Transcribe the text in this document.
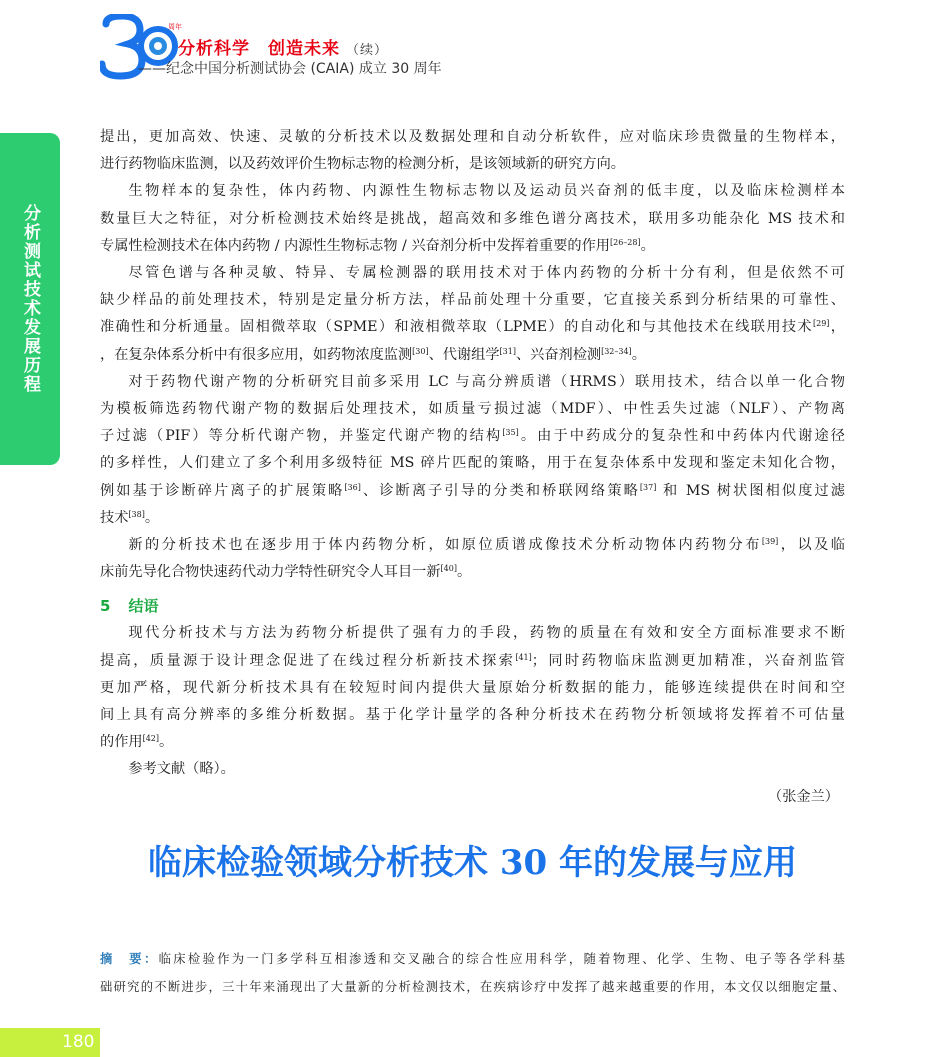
周年
分析科学 创造未来 （续）
——纪念中国分析测试协会 (CAIA) 成立 30 周年
分析测试技术发展历程

提出，更加高效、快速、灵敏的分析技术以及数据处理和自动分析软件，应对临床珍贵微量的生物样本，

进行药物临床监测，以及药效评价生物标志物的检测分析，是该领域新的研究方向。

生物样本的复杂性，体内药物、内源性生物标志物以及运动员兴奋剂的低丰度，以及临床检测样本

数量巨大之特征，对分析检测技术始终是挑战，超高效和多维色谱分离技术，联用多功能杂化 MS 技术和

专属性检测技术在体内药物 / 内源性生物标志物 / 兴奋剂分析中发挥着重要的作用[26–28]。

尽管色谱与各种灵敏、特异、专属检测器的联用技术对于体内药物的分析十分有利，但是依然不可

缺少样品的前处理技术，特别是定量分析方法，样品前处理十分重要，它直接关系到分析结果的可靠性、

准确性和分析通量。固相微萃取（SPME）和液相微萃取（LPME）的自动化和与其他技术在线联用技术[29]，

，在复杂体系分析中有很多应用，如药物浓度监测[30]、代谢组学[31]、兴奋剂检测[32–34]。

对于药物代谢产物的分析研究目前多采用 LC 与高分辨质谱（HRMS）联用技术，结合以单一化合物

为模板筛选药物代谢产物的数据后处理技术，如质量亏损过滤（MDF）、中性丢失过滤（NLF）、产物离

子过滤（PIF）等分析代谢产物，并鉴定代谢产物的结构[35]。由于中药成分的复杂性和中药体内代谢途径

的多样性，人们建立了多个利用多级特征 MS 碎片匹配的策略，用于在复杂体系中发现和鉴定未知化合物，

例如基于诊断碎片离子的扩展策略[36]、诊断离子引导的分类和桥联网络策略[37] 和 MS 树状图相似度过滤

技术[38]。

新的分析技术也在逐步用于体内药物分析，如原位质谱成像技术分析动物体内药物分布[39]，以及临

床前先导化合物快速药代动力学特性研究令人耳目一新[40]。

5 结语

现代分析技术与方法为药物分析提供了强有力的手段，药物的质量在有效和安全方面标准要求不断

提高，质量源于设计理念促进了在线过程分析新技术探索[41]；同时药物临床监测更加精准，兴奋剂监管

更加严格，现代新分析技术具有在较短时间内提供大量原始分析数据的能力，能够连续提供在时间和空

间上具有高分辨率的多维分析数据。基于化学计量学的各种分析技术在药物分析领域将发挥着不可估量

的作用[42]。

参考文献（略）。

（张金兰）
临床检验领域分析技术 30 年的发展与应用
摘　要：临床检验作为一门多学科互相渗透和交叉融合的综合性应用科学，随着物理、化学、生物、电子等各学科基
础研究的不断进步，三十年来涌现出了大量新的分析检测技术，在疾病诊疗中发挥了越来越重要的作用，本文仅以细胞定量、
180
